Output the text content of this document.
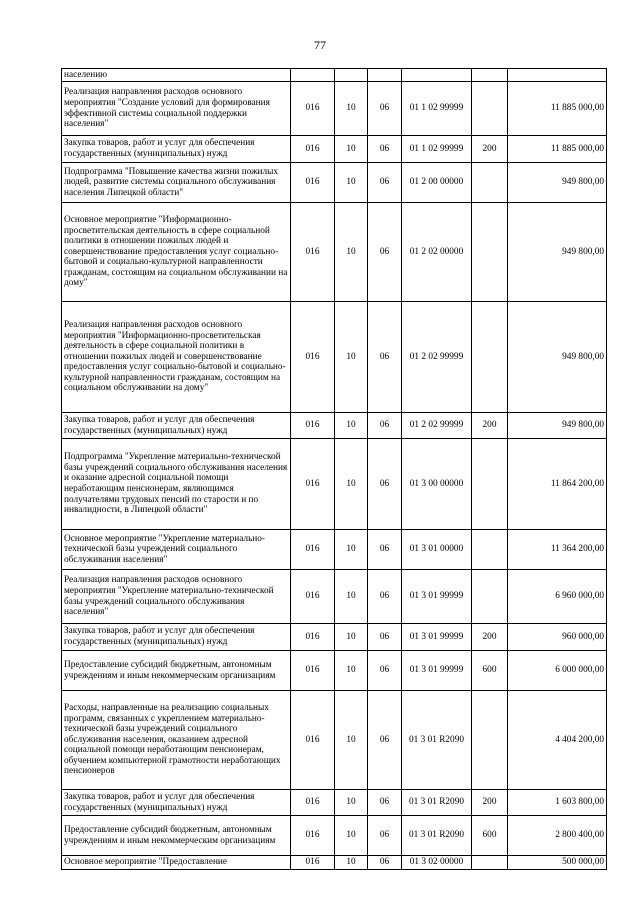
77
населению						
Реализация направления расходов основного мероприятия "Создание условий для формирования эффективной системы социальной поддержки населения"	016	10	06	01 1 02 99999		11 885 000,00
Закупка товаров, работ и услуг для обеспечения государственных (муниципальных) нужд	016	10	06	01 1 02 99999	200	11 885 000,00
Подпрограмма "Повышение качества жизни пожилых людей, развитие системы социального обслуживания населения Липецкой области"	016	10	06	01 2 00 00000		949 800,00
Основное мероприятие "Информационно-просветительская деятельность в сфере социальной политики в отношении пожилых людей и совершенствование предоставления услуг социально-бытовой и социально-культурной направленности гражданам, состоящим на социальном обслуживании на дому"	016	10	06	01 2 02 00000		949 800,00
Реализация направления расходов основного мероприятия "Информационно-просветительская деятельность в сфере социальной политики в отношении пожилых людей и совершенствование предоставления услуг социально-бытовой и социально-культурной направленности гражданам, состоящим на социальном обслуживании на дому"	016	10	06	01 2 02 99999		949 800,00
Закупка товаров, работ и услуг для обеспечения государственных (муниципальных) нужд	016	10	06	01 2 02 99999	200	949 800,00
Подпрограмма "Укрепление материально-технической базы учреждений социального обслуживания населения и оказание адресной социальной помощи неработающим пенсионерам, являющимся получателями трудовых пенсий по старости и по инвалидности, в Липецкой области"	016	10	06	01 3 00 00000		11 864 200,00
Основное мероприятие "Укрепление материально-технической базы учреждений социального обслуживания населения"	016	10	06	01 3 01 00000		11 364 200,00
Реализация направления расходов основного мероприятия "Укрепление материально-технической базы учреждений социального обслуживания населения"	016	10	06	01 3 01 99999		6 960 000,00
Закупка товаров, работ и услуг для обеспечения государственных (муниципальных) нужд	016	10	06	01 3 01 99999	200	960 000,00
Предоставление субсидий бюджетным, автономным учреждениям и иным некоммерческим организациям	016	10	06	01 3 01 99999	600	6 000 000,00
Расходы, направленные на реализацию социальных программ, связанных с укреплением материально-технической базы учреждений социального обслуживания населения, оказанием адресной социальной помощи неработающим пенсионерам, обучением компьютерной грамотности неработающих пенсионеров	016	10	06	01 3 01 R2090		4 404 200,00
Закупка товаров, работ и услуг для обеспечения государственных (муниципальных) нужд	016	10	06	01 3 01 R2090	200	1 603 800,00
Предоставление субсидий бюджетным, автономным учреждениям и иным некоммерческим организациям	016	10	06	01 3 01 R2090	600	2 800 400,00
Основное мероприятие "Предоставление	016	10	06	01 3 02 00000		500 000,00
